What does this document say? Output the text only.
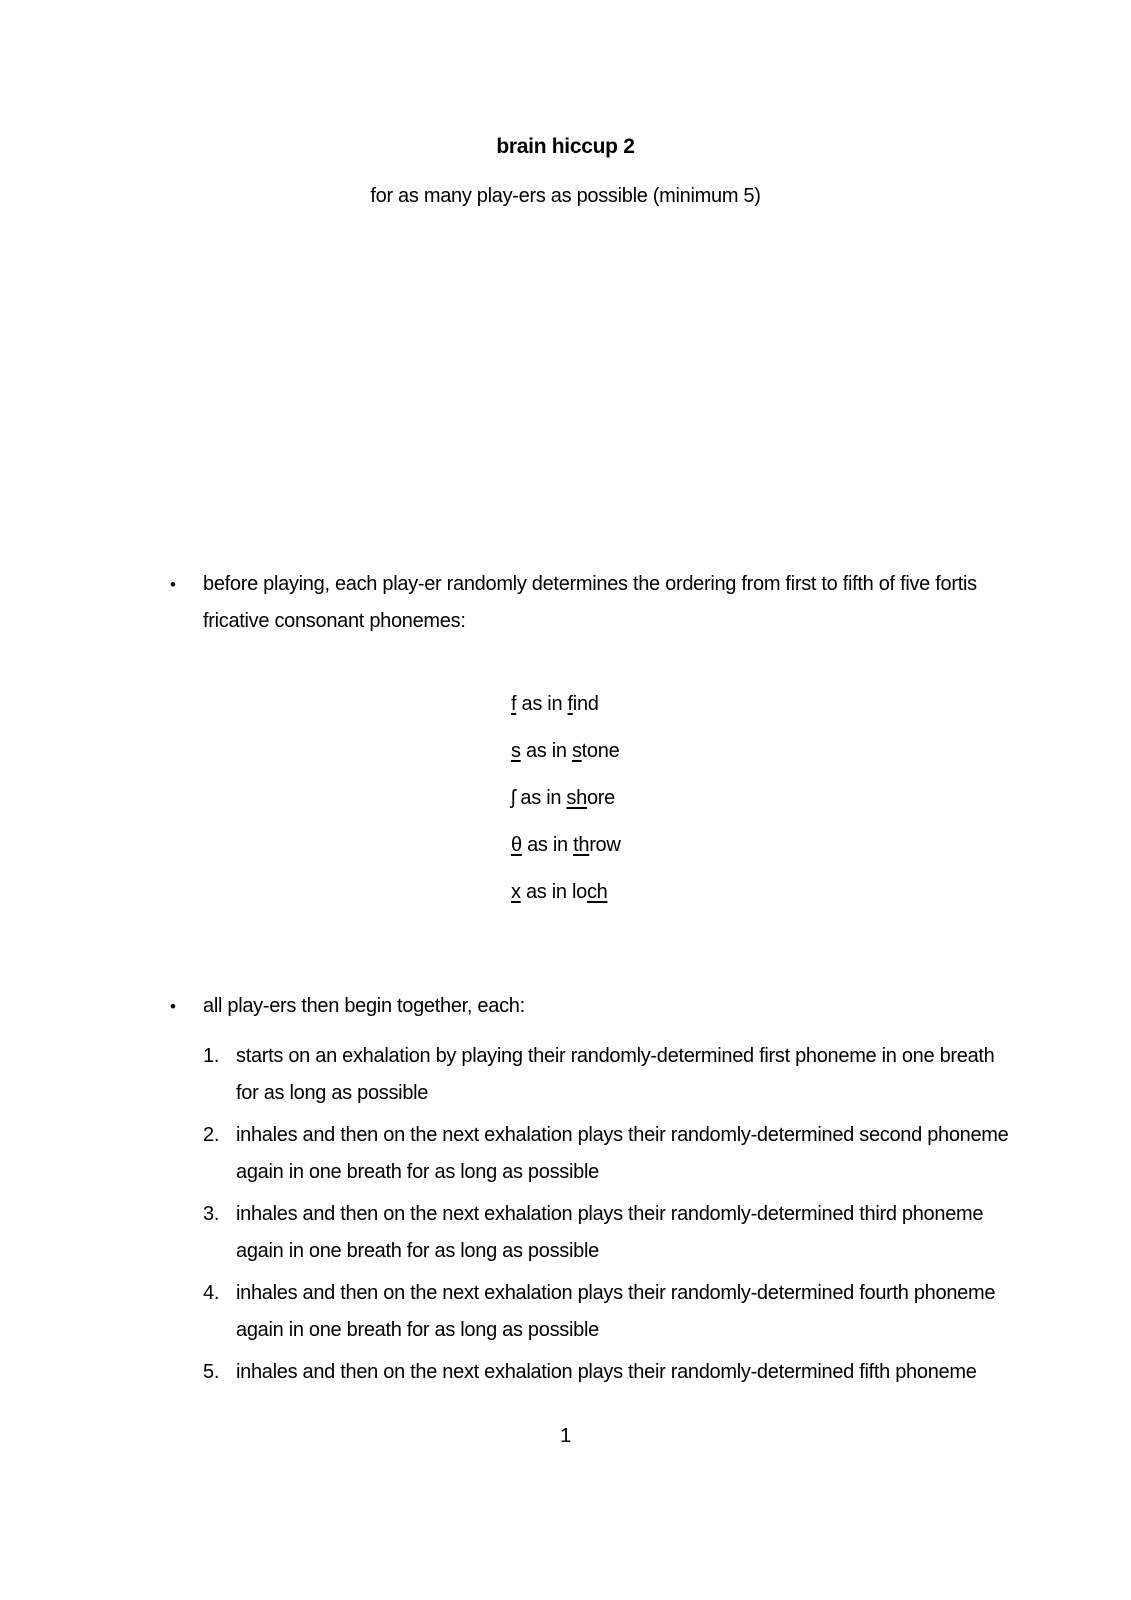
brain hiccup 2
for as many play-ers as possible (minimum 5)
•	before playing, each play-er randomly determines the ordering from first to fifth of five fortis fricative consonant phonemes:
f as in find
s as in stone
ʃ as in shore
θ as in throw
x as in loch
•	all play-ers then begin together, each:
1. starts on an exhalation by playing their randomly-determined first phoneme in one breath for as long as possible
2. inhales and then on the next exhalation plays their randomly-determined second phoneme again in one breath for as long as possible
3. inhales and then on the next exhalation plays their randomly-determined third phoneme again in one breath for as long as possible
4. inhales and then on the next exhalation plays their randomly-determined fourth phoneme again in one breath for as long as possible
5. inhales and then on the next exhalation plays their randomly-determined fifth phoneme
1
